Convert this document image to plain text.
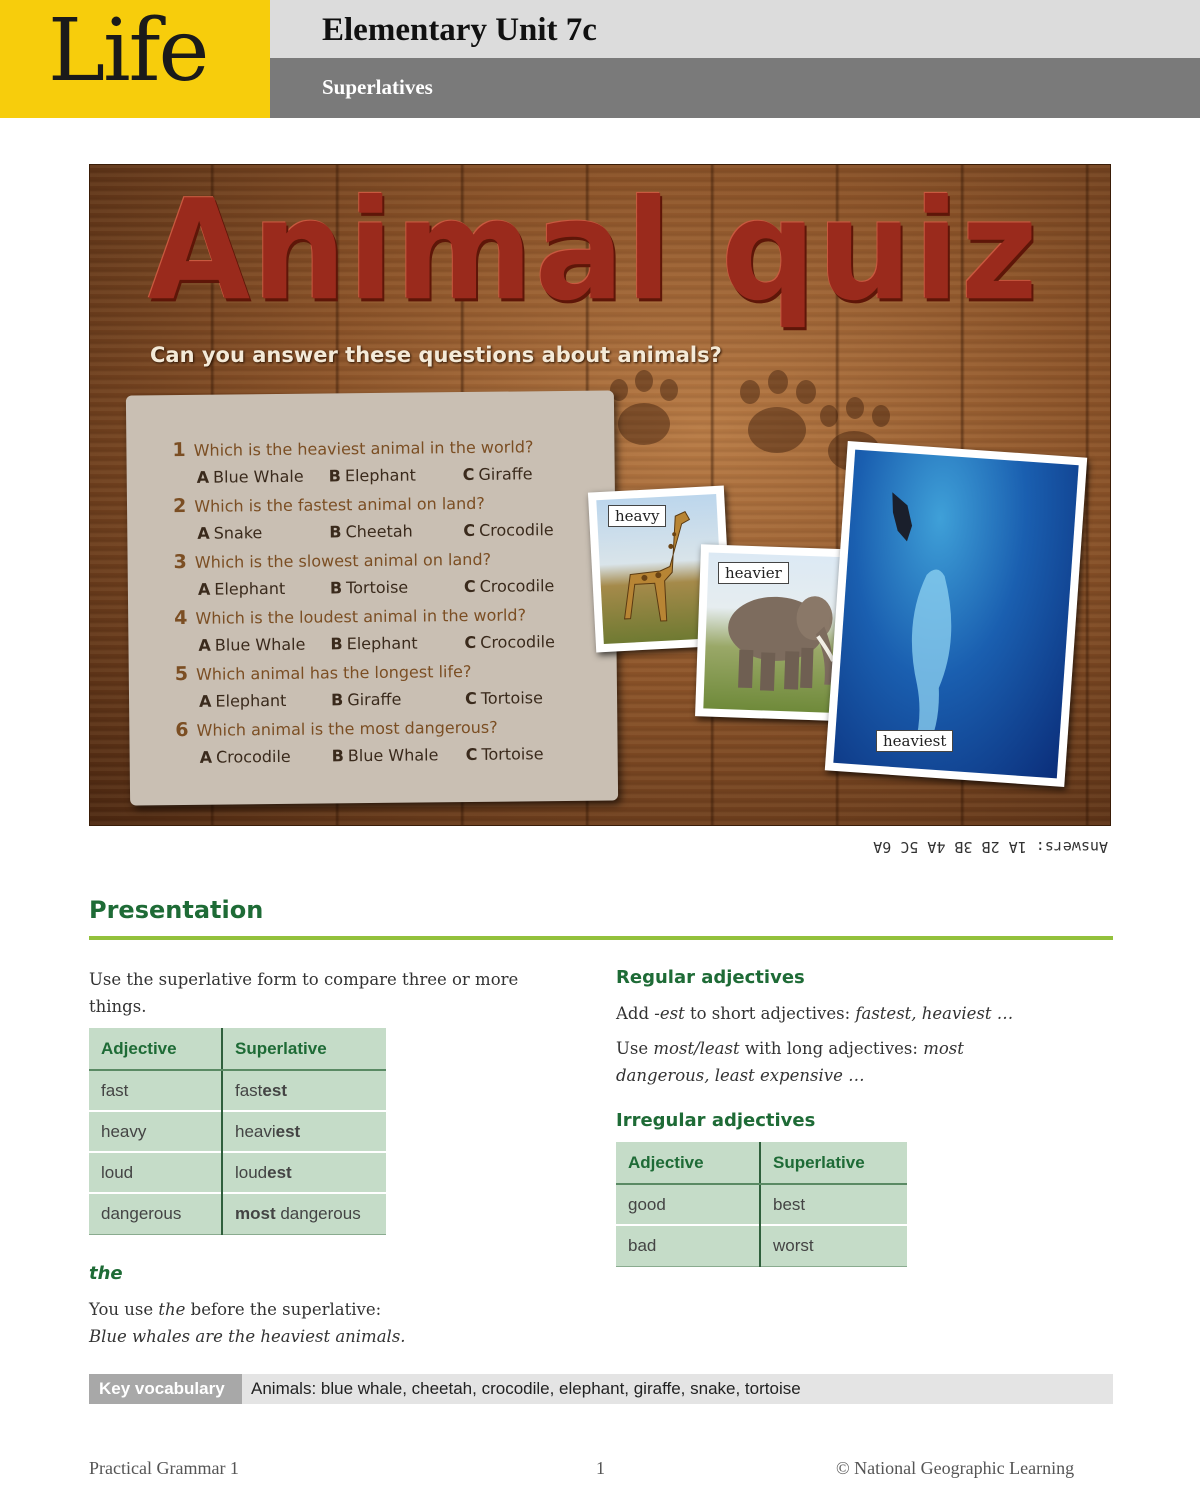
Life	Elementary Unit 7c
Superlatives
Animal quiz
Can you answer these questions about animals?
1 Which is the heaviest animal in the world?
A Blue Whale B Elephant	C Giraffe
2 Which is the fastest animal on land?
A Snake	B Cheetah	C Crocodile
3 Which is the slowest animal on land?
A Elephant	B Tortoise	C Crocodile
4 Which is the loudest animal in the world?
A Blue Whale B Elephant	C Crocodile
5 Which animal has the longest life?
A Elephant	B Giraffe	C Tortoise
6 Which animal is the most dangerous?
A Crocodile	B Blue Whale C Tortoise
heavy
heavier
heaviest
Answers: 1A 2B 3B 4A 5C 6A
Presentation
Use the superlative form to compare three or more things.
Adjective	Superlative
fast	fastest
heavy	heaviest
loud	loudest
dangerous	most dangerous
the
You use the before the superlative:
Blue whales are the heaviest animals.
Regular adjectives
Add -est to short adjectives: fastest, heaviest …
Use most/least with long adjectives: most dangerous, least expensive …
Irregular adjectives
Adjective	Superlative
good	best
bad	worst
Key vocabulary	Animals: blue whale, cheetah, crocodile, elephant, giraffe, snake, tortoise
Practical Grammar 1	1	© National Geographic Learning
